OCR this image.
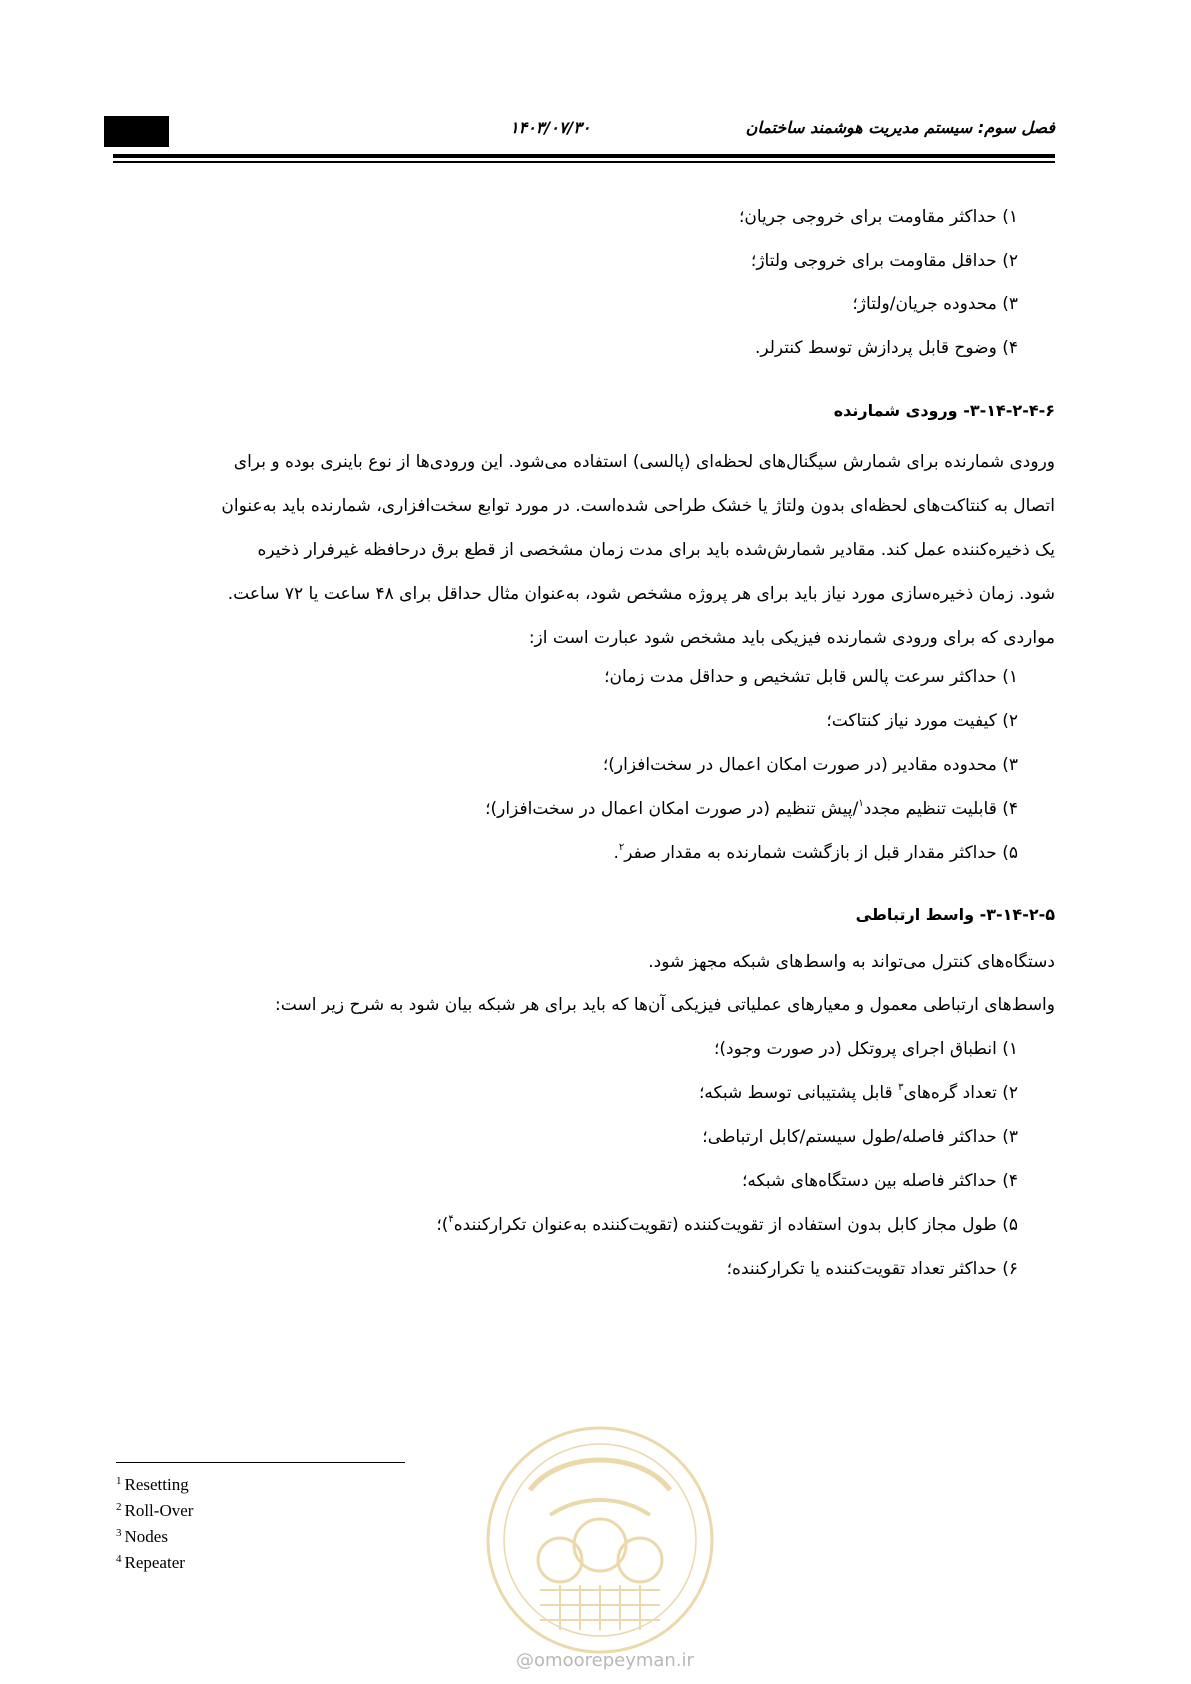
۱۴۰۳/۰۷/۳۰	فصل سوم: سیستم مدیریت هوشمند ساختمان
۱) حداکثر مقاومت برای خروجی جریان؛
۲) حداقل مقاومت برای خروجی ولتاژ؛
۳) محدوده جریان/ولتاژ؛
۴) وضوح قابل پردازش توسط کنترلر.
۳-۱۴-۲-۴-۶- ورودی شمارنده
ورودی شمارنده برای شمارش سیگنال‌های لحظه‌ای (پالسی) استفاده می‌شود. این ورودی‌ها از نوع باینری بوده و برای
اتصال به کنتاکت‌های لحظه‌ای بدون ولتاژ یا خشک طراحی شده‌است. در مورد توابع سخت‌افزاری، شمارنده باید به‌عنوان
یک ذخیره‌کننده عمل کند. مقادیر شمارش‌شده باید برای مدت زمان مشخصی از قطع برق درحافظه غیرفرار ذخیره
شود. زمان ذخیره‌سازی مورد نیاز باید برای هر پروژه مشخص شود، به‌عنوان مثال حداقل برای ۴۸ ساعت یا ۷۲ ساعت.
مواردی که برای ورودی شمارنده فیزیکی باید مشخص شود عبارت است از:
۱) حداکثر سرعت پالس قابل تشخیص و حداقل مدت زمان؛
۲) کیفیت مورد نیاز کنتاکت؛
۳) محدوده مقادیر (در صورت امکان اعمال در سخت‌افزار)؛
۴) قابلیت تنظیم مجدد$^۱$/پیش تنظیم (در صورت امکان اعمال در سخت‌افزار)؛
۵) حداکثر مقدار قبل از بازگشت شمارنده به مقدار صفر$^۲$.
۳-۱۴-۲-۵- واسط ارتباطی
دستگاه‌های کنترل می‌تواند به واسط‌های شبکه مجهز شود.
واسط‌های ارتباطی معمول و معیارهای عملیاتی فیزیکی آن‌ها که باید برای هر شبکه بیان شود به شرح زیر است:
۱) انطباق اجرای پروتکل (در صورت وجود)؛
۲) تعداد گره‌های$^۳$ قابل پشتیبانی توسط شبکه؛
۳) حداکثر فاصله/طول سیستم/کابل ارتباطی؛
۴) حداکثر فاصله بین دستگاه‌های شبکه؛
۵) طول مجاز کابل بدون استفاده از تقویت‌کننده (تقویت‌کننده به‌عنوان تکرارکننده$^۴$)؛
۶) حداکثر تعداد تقویت‌کننده یا تکرارکننده؛
$^1$ Resetting
$^2$ Roll-Over
$^3$ Nodes
$^4$ Repeater
@omoorepeyman.ir
